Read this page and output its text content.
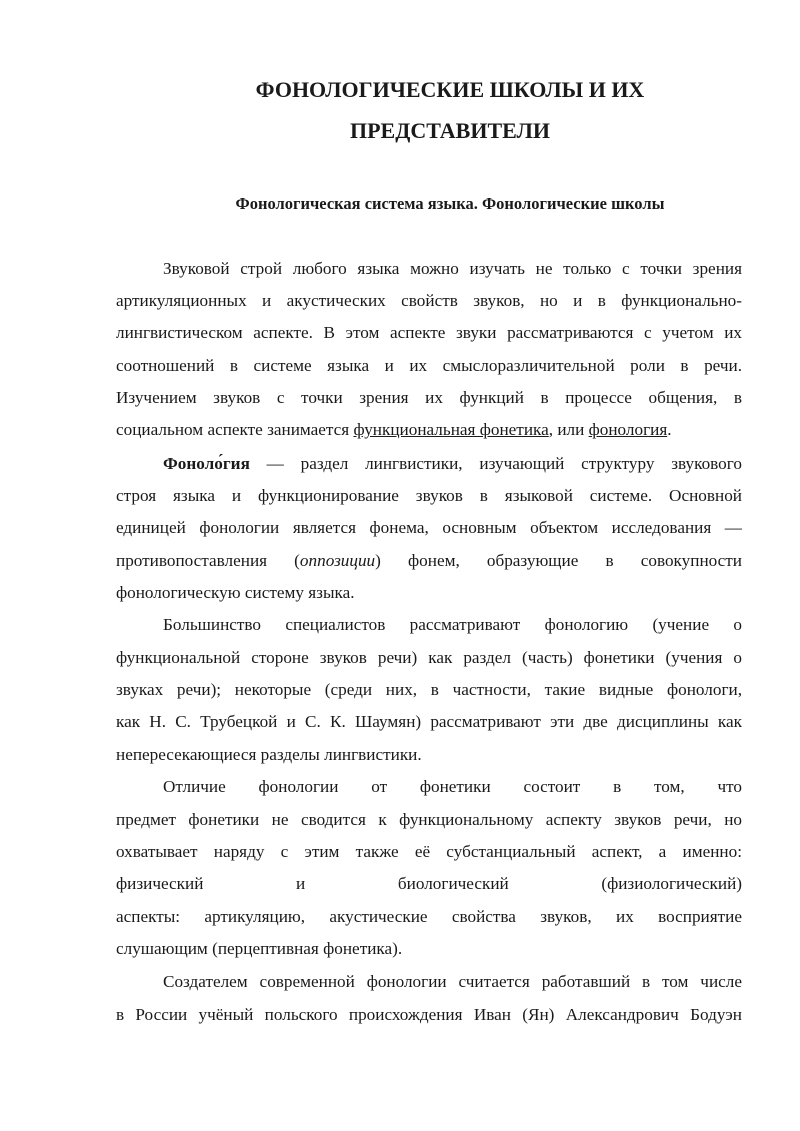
ФОНОЛОГИЧЕСКИЕ ШКОЛЫ И ИХ
ПРЕДСТАВИТЕЛИ
Фонологическая система языка. Фонологические школы
Звуковой строй любого языка можно изучать не только с точки зрения
артикуляционных и акустических свойств звуков, но и в функционально-
лингвистическом аспекте. В этом аспекте звуки рассматриваются с учетом их
соотношений в системе языка и их смыслоразличительной роли в речи.
Изучением звуков с точки зрения их функций в процессе общения, в
социальном аспекте занимается функциональная фонетика, или фонология.
Фоноло́гия — раздел лингвистики, изучающий структуру звукового
строя языка и функционирование звуков в языковой системе. Основной
единицей фонологии является фонема, основным объектом исследования —
противопоставления (оппозиции) фонем, образующие в совокупности
фонологическую систему языка.
Большинство специалистов рассматривают фонологию (учение о
функциональной стороне звуков речи) как раздел (часть) фонетики (учения о
звуках речи); некоторые (среди них, в частности, такие видные фонологи,
как Н. С. Трубецкой и С. К. Шаумян) рассматривают эти две дисциплины как
непересекающиеся разделы лингвистики.
Отличие фонологии от фонетики состоит в том, что
предмет фонетики не сводится к функциональному аспекту звуков речи, но
охватывает наряду с этим также её субстанциальный аспект, а именно:
физический и биологический (физиологический)
аспекты: артикуляцию, акустические свойства звуков, их восприятие
слушающим (перцептивная фонетика).
Создателем современной фонологии считается работавший в том числе
в России учёный польского происхождения Иван (Ян) Александрович Бодуэн
